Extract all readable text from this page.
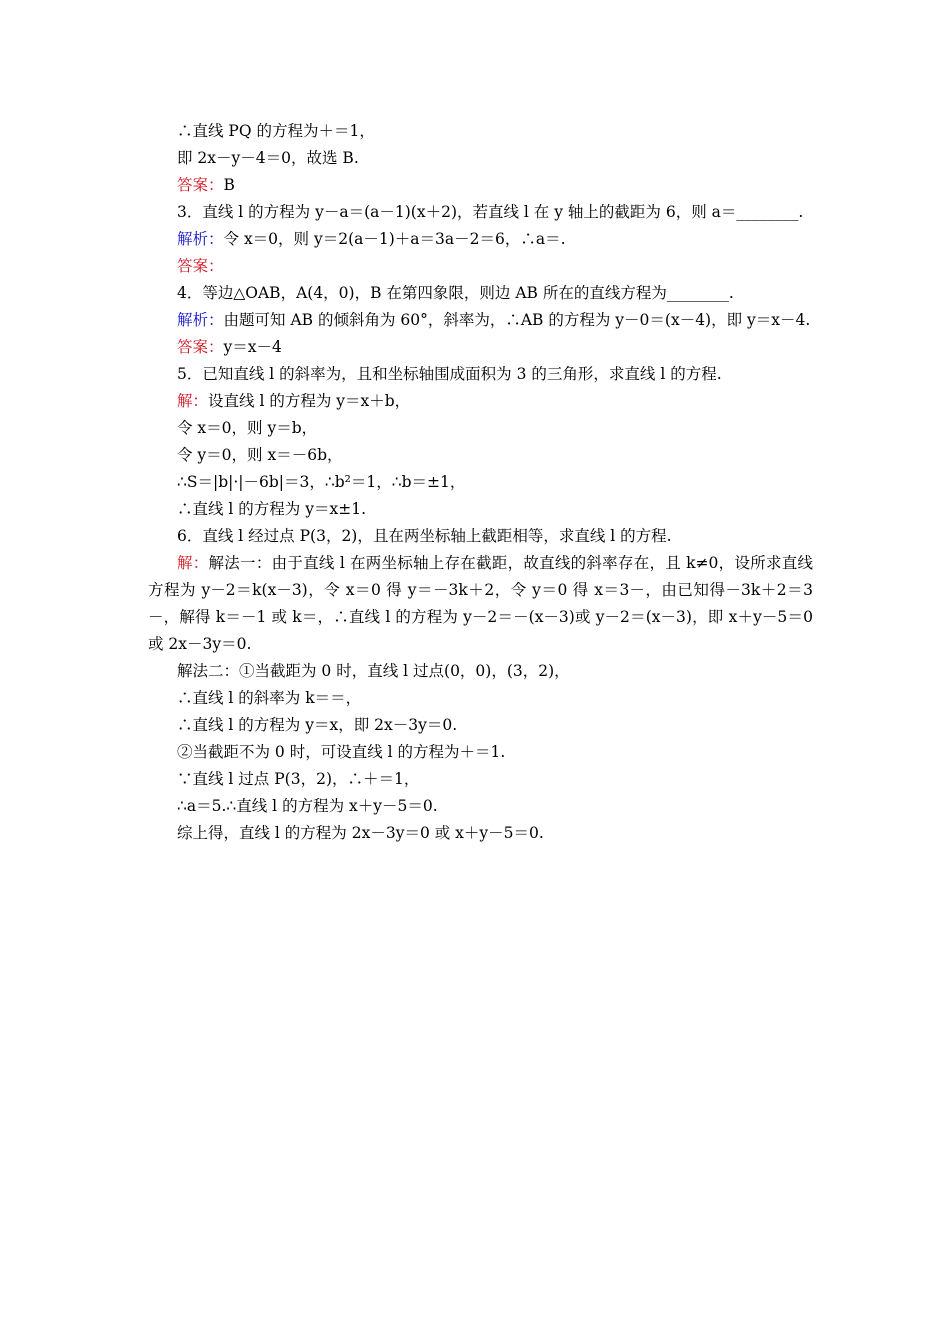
∴直线 PQ 的方程为＋＝1，
即 2x－y－4＝0，故选 B.
答案：B
3．直线 l 的方程为 y－a＝(a－1)(x＋2)，若直线 l 在 y 轴上的截距为 6，则 a＝________.
解析：令 x＝0，则 y＝2(a－1)＋a＝3a－2＝6，∴a＝.
答案：
4．等边△OAB，A(4，0)，B 在第四象限，则边 AB 所在的直线方程为________.
解析：由题可知 AB 的倾斜角为 60°，斜率为，∴AB 的方程为 y－0＝(x－4)，即 y＝x－4.
答案：y＝x－4
5．已知直线 l 的斜率为，且和坐标轴围成面积为 3 的三角形，求直线 l 的方程.
解：设直线 l 的方程为 y＝x＋b，
令 x＝0，则 y＝b，
令 y＝0，则 x＝－6b，
∴S＝|b|·|－6b|＝3，∴b²＝1，∴b＝±1，
∴直线 l 的方程为 y＝x±1.
6．直线 l 经过点 P(3，2)，且在两坐标轴上截距相等，求直线 l 的方程.
解：解法一：由于直线 l 在两坐标轴上存在截距，故直线的斜率存在，且 k≠0，设所求直线方程为 y－2＝k(x－3)，令 x＝0 得 y＝－3k＋2，令 y＝0 得 x＝3－，由已知得－3k＋2＝3－，解得 k＝－1 或 k＝，∴直线 l 的方程为 y－2＝－(x－3)或 y－2＝(x－3)，即 x＋y－5＝0 或 2x－3y＝0.
解法二：①当截距为 0 时，直线 l 过点(0，0)，(3，2)，
∴直线 l 的斜率为 k＝＝，
∴直线 l 的方程为 y＝x，即 2x－3y＝0.
②当截距不为 0 时，可设直线 l 的方程为＋＝1.
∵直线 l 过点 P(3，2)，∴＋＝1，
∴a＝5.∴直线 l 的方程为 x＋y－5＝0.
综上得，直线 l 的方程为 2x－3y＝0 或 x＋y－5＝0.
